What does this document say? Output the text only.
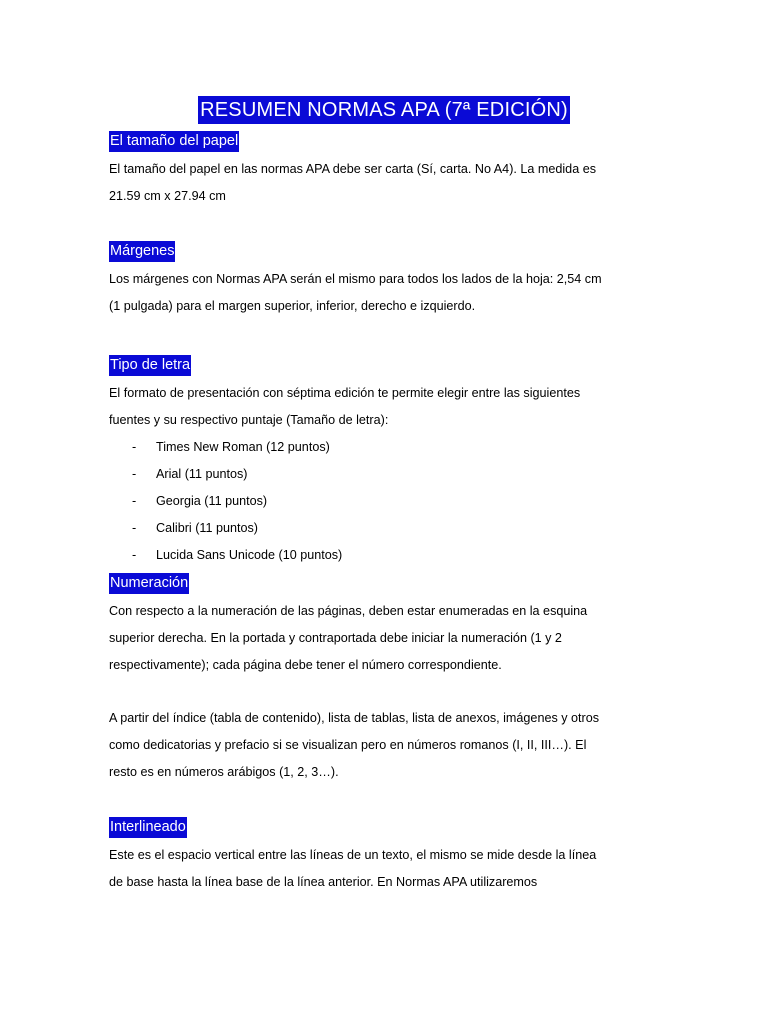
RESUMEN NORMAS APA (7ª EDICIÓN)
El tamaño del papel

El tamaño del papel en las normas APA debe ser carta (Sí, carta. No A4). La medida es
21.59 cm x 27.94 cm

Márgenes

Los márgenes con Normas APA serán el mismo para todos los lados de la hoja: 2,54 cm
(1 pulgada) para el margen superior, inferior, derecho e izquierdo.

Tipo de letra

El formato de presentación con séptima edición te permite elegir entre las siguientes
fuentes y su respectivo puntaje (Tamaño de letra):

- Times New Roman (12 puntos)
- Arial (11 puntos)
- Georgia (11 puntos)
- Calibri (11 puntos)
- Lucida Sans Unicode (10 puntos)
Numeración

Con respecto a la numeración de las páginas, deben estar enumeradas en la esquina
superior derecha. En la portada y contraportada debe iniciar la numeración (1 y 2
respectivamente); cada página debe tener el número correspondiente.

A partir del índice (tabla de contenido), lista de tablas, lista de anexos, imágenes y otros
como dedicatorias y prefacio si se visualizan pero en números romanos (I, II, III…). El
resto es en números arábigos (1, 2, 3…).

Interlineado

Este es el espacio vertical entre las líneas de un texto, el mismo se mide desde la línea
de base hasta la línea base de la línea anterior. En Normas APA utilizaremos
